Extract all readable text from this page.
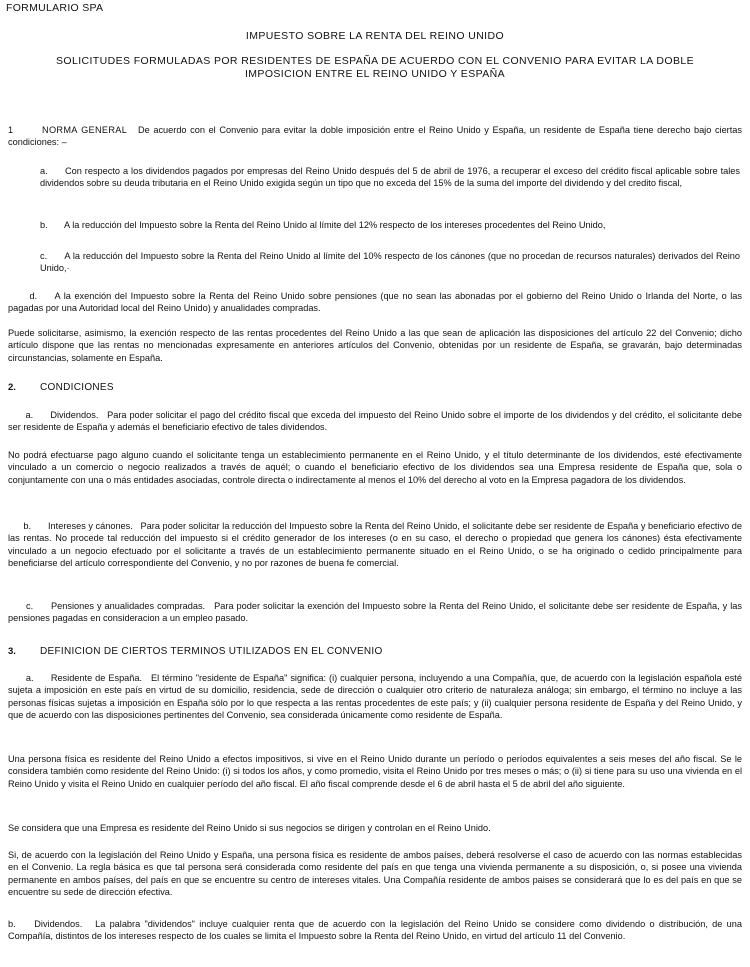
FORMULARIO SPA
IMPUESTO SOBRE LA RENTA DEL REINO UNIDO
SOLICITUDES FORMULADAS POR RESIDENTES DE ESPAÑA DE ACUERDO CON EL CONVENIO PARA EVITAR LA DOBLE
IMPOSICION ENTRE EL REINO UNIDO Y ESPAÑA
1	NORMA GENERAL De acuerdo con el Convenio para evitar la doble imposición entre el Reino Unido y España, un residente de España tiene derecho bajo ciertas condiciones: –
a. Con respecto a los dividendos pagados por empresas del Reino Unido después del 5 de abril de 1976, a recuperar el exceso del crédito fiscal aplicable sobre tales dividendos sobre su deuda tributaria en el Reino Unido exigida según un tipo que no exceda del 15% de la suma del importe del dividendo y del credito fiscal,
b. A la reducción del Impuesto sobre la Renta del Reino Unido al límite del 12% respecto de los intereses procedentes del Reino Unido,
c. A la reducción del Impuesto sobre la Renta del Reino Unido al límite del 10% respecto de los cánones (que no procedan de recursos naturales) derivados del Reino Unido,·
d. A la exención del Impuesto sobre la Renta del Reino Unido sobre pensiones (que no sean las abonadas por el gobierno del Reino Unido o Irlanda del Norte, o las pagadas por una Autoridad local del Reino Unido) y anualidades compradas.
Puede solicitarse, asimismo, la exención respecto de las rentas procedentes del Reino Unido a las que sean de aplicación las disposiciones del artículo 22 del Convenio; dicho artículo dispone que las rentas no mencionadas expresamente en anteriores artículos del Convenio, obtenidas por un residente de España, se gravarán, bajo determinadas circunstancias, solamente en España.
2. CONDICIONES
a. Dividendos. Para poder solicitar el pago del crédito fiscal que exceda del impuesto del Reino Unido sobre el importe de los dividendos y del crédito, el solicitante debe ser residente de España y además el beneficiario efectivo de tales dividendos.
No podrá efectuarse pago alguno cuando el solicitante tenga un establecimiento permanente en el Reino Unido, y el título determinante de los dividendos, esté efectivamente vinculado a un comercio o negocio realizados a través de aquél; o cuando el beneficiario efectivo de los dividendos sea una Empresa residente de España que, sola o conjuntamente con una o más entidades asociadas, controle directa o indirectamente al menos el 10% del derecho al voto en la Empresa pagadora de los dividendos.
b. Intereses y cánones. Para poder solicitar la reducción del Impuesto sobre la Renta del Reino Unido, el solicitante debe ser residente de España y beneficiario efectivo de las rentas. No procede tal reducción del impuesto si el crédito generador de los intereses (o en su caso, el derecho o propiedad que genera los cánones) ésta efectivamente vinculado a un negocio efectuado por el solicitante a través de un establecimiento permanente situado en el Reino Unido, o se ha originado o cedido principalmente para beneficiarse del artículo correspondiente del Convenio, y no por razones de buena fe comercial.
c. Pensiones y anualidades compradas. Para poder solicitar la exención del Impuesto sobre la Renta del Reino Unido, el solicitante debe ser residente de España, y las pensiones pagadas en consideracion a un empleo pasado.
3. DEFINICION DE CIERTOS TERMINOS UTILIZADOS EN EL CONVENIO
a. Residente de España. El término "residente de España" significa: (i) cualquier persona, incluyendo a una Compañía, que, de acuerdo con la legislación española esté sujeta a imposición en este país en virtud de su domicilio, residencia, sede de dirección o cualquier otro criterio de naturaleza análoga; sin embargo, el término no incluye a las personas físicas sujetas a imposición en España sólo por lo que respecta a las rentas procedentes de este país; y (ii) cualquier persona residente de España y del Reino Unido, y que de acuerdo con las disposiciones pertinentes del Convenio, sea considerada únicamente como residente de España.
Una persona física es residente del Reino Unido a efectos impositivos, si vive en el Reino Unido durante un período o períodos equivalentes a seis meses del año fiscal. Se le considera también como residente del Reino Unido: (i) si todos los años, y como promedio, visita el Reino Unido por tres meses o más; o (ii) si tiene para su uso una vivienda en el Reino Unido y visita el Reino Unido en cualquier período del año fiscal. El año fiscal comprende desde el 6 de abril hasta el 5 de abril del año siguiente.
Se considera que una Empresa es residente del Reino Unido si sus negocios se dirigen y controlan en el Reino Unido.
Si, de acuerdo con la legislación del Reino Unido y España, una persona física es residente de ambos países, deberá resolverse el caso de acuerdo con las normas establecidas en el Convenio. La regla básica es que tal persona será considerada como residente del país en que tenga una vivienda permanente a su disposición, o, si posee una vivienda permanente en ambos países, del país en que se encuentre su centro de intereses vitales. Una Compañía residente de ambos paises se considerará que lo es del país en que se encuentre su sede de dirección efectiva.
b. Dividendos. La palabra "dividendos" incluye cualquier renta que de acuerdo con la legislación del Reino Unido se considere como dividendo o distribución, de una Compañía, distintos de los intereses respecto de los cuales se limita el Impuesto sobre la Renta del Reino Unido, en virtud del artículo 11 del Convenio.
